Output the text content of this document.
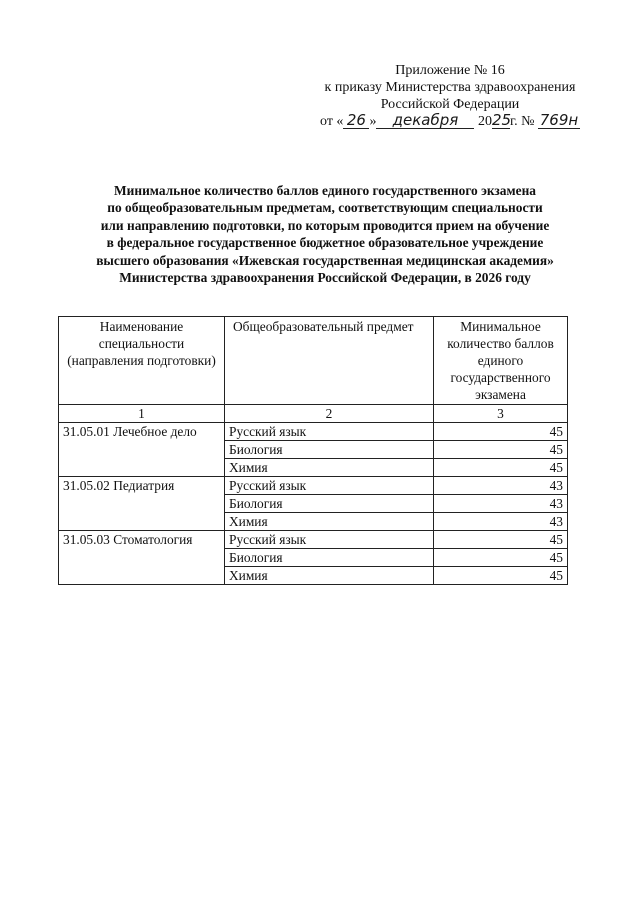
Приложение № 16
к приказу Министерства здравоохранения
Российской Федерации
от « 26 » декабря 2025г. № 769н
Минимальное количество баллов единого государственного экзамена
по общеобразовательным предметам, соответствующим специальности
или направлению подготовки, по которым проводится прием на обучение
в федеральное государственное бюджетное образовательное учреждение
высшего образования «Ижевская государственная медицинская академия»
Министерства здравоохранения Российской Федерации, в 2026 году
Наименование специальности (направления подготовки)	Общеобразовательный предмет	Минимальное количество баллов единого государственного экзамена
1	2	3
31.05.01 Лечебное дело	Русский язык	45
	Биология	45
	Химия	45
31.05.02 Педиатрия	Русский язык	43
	Биология	43
	Химия	43
31.05.03 Стоматология	Русский язык	45
	Биология	45
	Химия	45
